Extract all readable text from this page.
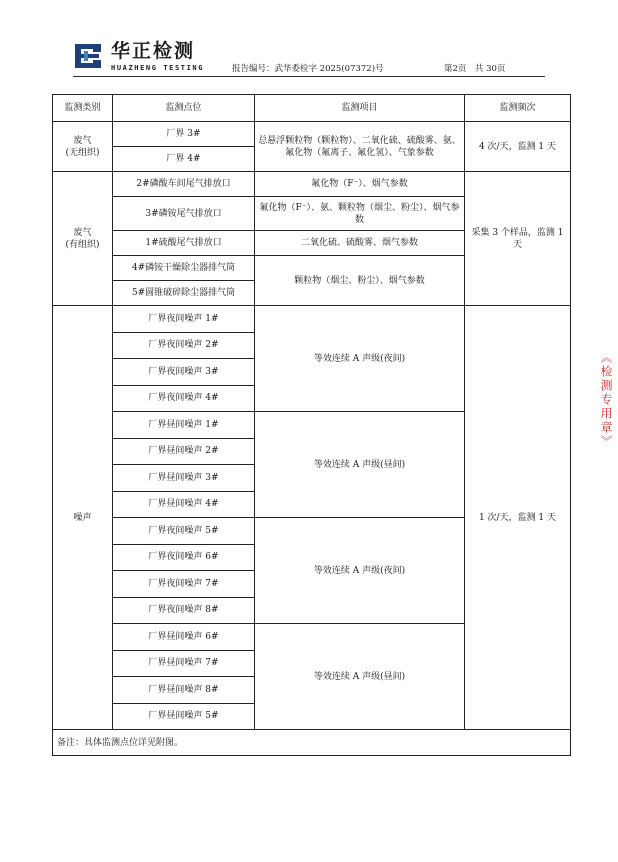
华正检测
HUAZHENG TESTING	报告编号：武华委检字 2025(07372)号	第2页　共 30页
监测类别	监测点位	监测项目	监测频次

废气
(无组织)	厂界 3#	总悬浮颗粒物（颗粒物）、二氧化硫、硫酸雾、氨、氟化物（氟离子、氟化氢）、气象参数	4 次/天，监测 1 天
	厂界 4#		

废气
(有组织)	2#磷酸车间尾气排放口	氟化物（F⁻）、烟气参数	采集 3 个样品，监测 1 天
	3#磷铵尾气排放口	氟化物（F⁻）、氨、颗粒物（烟尘、粉尘）、烟气参数	
	1#硫酸尾气排放口	二氧化硫、硫酸雾、烟气参数	
	4#磷铵干燥除尘器排气筒	颗粒物（烟尘、粉尘）、烟气参数	
	5#圆锥破碎除尘器排气筒		
噪声	厂界夜间噪声 1#	等效连续 A 声级(夜间)	1 次/天，监测 1 天
	厂界夜间噪声 2#		
	厂界夜间噪声 3#		
	厂界夜间噪声 4#		
	厂界昼间噪声 1#	等效连续 A 声级(昼间)	
	厂界昼间噪声 2#		
	厂界昼间噪声 3#		
	厂界昼间噪声 4#		
	厂界夜间噪声 5#	等效连续 A 声级(夜间)	
	厂界夜间噪声 6#		
	厂界夜间噪声 7#		
	厂界夜间噪声 8#		
	厂界昼间噪声 6#	等效连续 A 声级(昼间)	
	厂界昼间噪声 7#		
	厂界昼间噪声 8#		
	厂界昼间噪声 5#		
备注：具体监测点位详见附图。			
《检测专用章》
